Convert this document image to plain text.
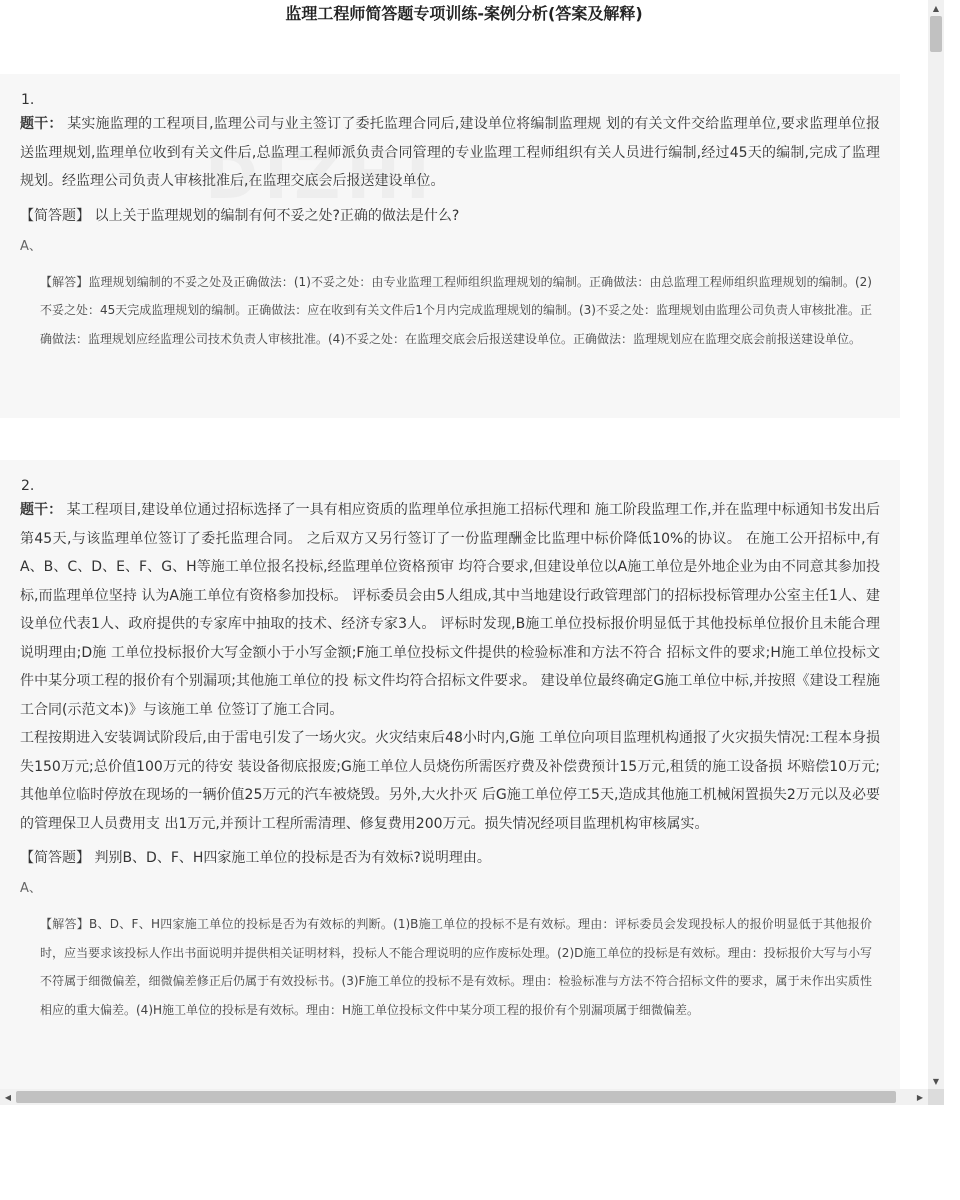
监理工程师简答题专项训练-案例分析(答案及解释)
1.

题干： 某实施监理的工程项目,监理公司与业主签订了委托监理合同后,建设单位将编制监理规 划的有关文件交给监理单位,要求监理单位报送监理规划,监理单位收到有关文件后,总监理工程师派负责合同管理的专业监理工程师组织有关人员进行编制,经过45天的编制,完成了监理规划。经监理公司负责人审核批准后,在监理交底会后报送建设单位。

【简答题】 以上关于监理规划的编制有何不妥之处?正确的做法是什么?

A、

【解答】监理规划编制的不妥之处及正确做法：(1)不妥之处：由专业监理工程师组织监理规划的编制。正确做法：由总监理工程师组织监理规划的编制。(2)不妥之处：45天完成监理规划的编制。正确做法：应在收到有关文件后1个月内完成监理规划的编制。(3)不妥之处：监理规划由监理公司负责人审核批准。正确做法：监理规划应经监理公司技术负责人审核批准。(4)不妥之处：在监理交底会后报送建设单位。正确做法：监理规划应在监理交底会前报送建设单位。

2.

题干： 某工程项目,建设单位通过招标选择了一具有相应资质的监理单位承担施工招标代理和 施工阶段监理工作,并在监理中标通知书发出后第45天,与该监理单位签订了委托监理合同。 之后双方又另行签订了一份监理酬金比监理中标价降低10%的协议。 在施工公开招标中,有A、B、C、D、E、F、G、H等施工单位报名投标,经监理单位资格预审 均符合要求,但建设单位以A施工单位是外地企业为由不同意其参加投标,而监理单位坚持 认为A施工单位有资格参加投标。 评标委员会由5人组成,其中当地建设行政管理部门的招标投标管理办公室主任1人、建 设单位代表1人、政府提供的专家库中抽取的技术、经济专家3人。 评标时发现,B施工单位投标报价明显低于其他投标单位报价且未能合理说明理由;D施 工单位投标报价大写金额小于小写金额;F施工单位投标文件提供的检验标准和方法不符合 招标文件的要求;H施工单位投标文件中某分项工程的报价有个别漏项;其他施工单位的投 标文件均符合招标文件要求。 建设单位最终确定G施工单位中标,并按照《建设工程施工合同(示范文本)》与该施工单 位签订了施工合同。

工程按期进入安装调试阶段后,由于雷电引发了一场火灾。火灾结束后48小时内,G施 工单位向项目监理机构通报了火灾损失情况:工程本身损失150万元;总价值100万元的待安 装设备彻底报废;G施工单位人员烧伤所需医疗费及补偿费预计15万元,租赁的施工设备损 坏赔偿10万元;其他单位临时停放在现场的一辆价值25万元的汽车被烧毁。另外,大火扑灭 后G施工单位停工5天,造成其他施工机械闲置损失2万元以及必要的管理保卫人员费用支 出1万元,并预计工程所需清理、修复费用200万元。损失情况经项目监理机构审核属实。

【简答题】 判别B、D、F、H四家施工单位的投标是否为有效标?说明理由。

A、

【解答】B、D、F、H四家施工单位的投标是否为有效标的判断。(1)B施工单位的投标不是有效标。理由：评标委员会发现投标人的报价明显低于其他报价时，应当要求该投标人作出书面说明并提供相关证明材料，投标人不能合理说明的应作废标处理。(2)D施工单位的投标是有效标。理由：投标报价大写与小写不符属于细微偏差，细微偏差修正后仍属于有效投标书。(3)F施工单位的投标不是有效标。理由：检验标准与方法不符合招标文件的要求，属于未作出实质性相应的重大偏差。(4)H施工单位的投标是有效标。理由：H施工单位投标文件中某分项工程的报价有个别漏项属于细微偏差。

▲
▼
◀	▶
